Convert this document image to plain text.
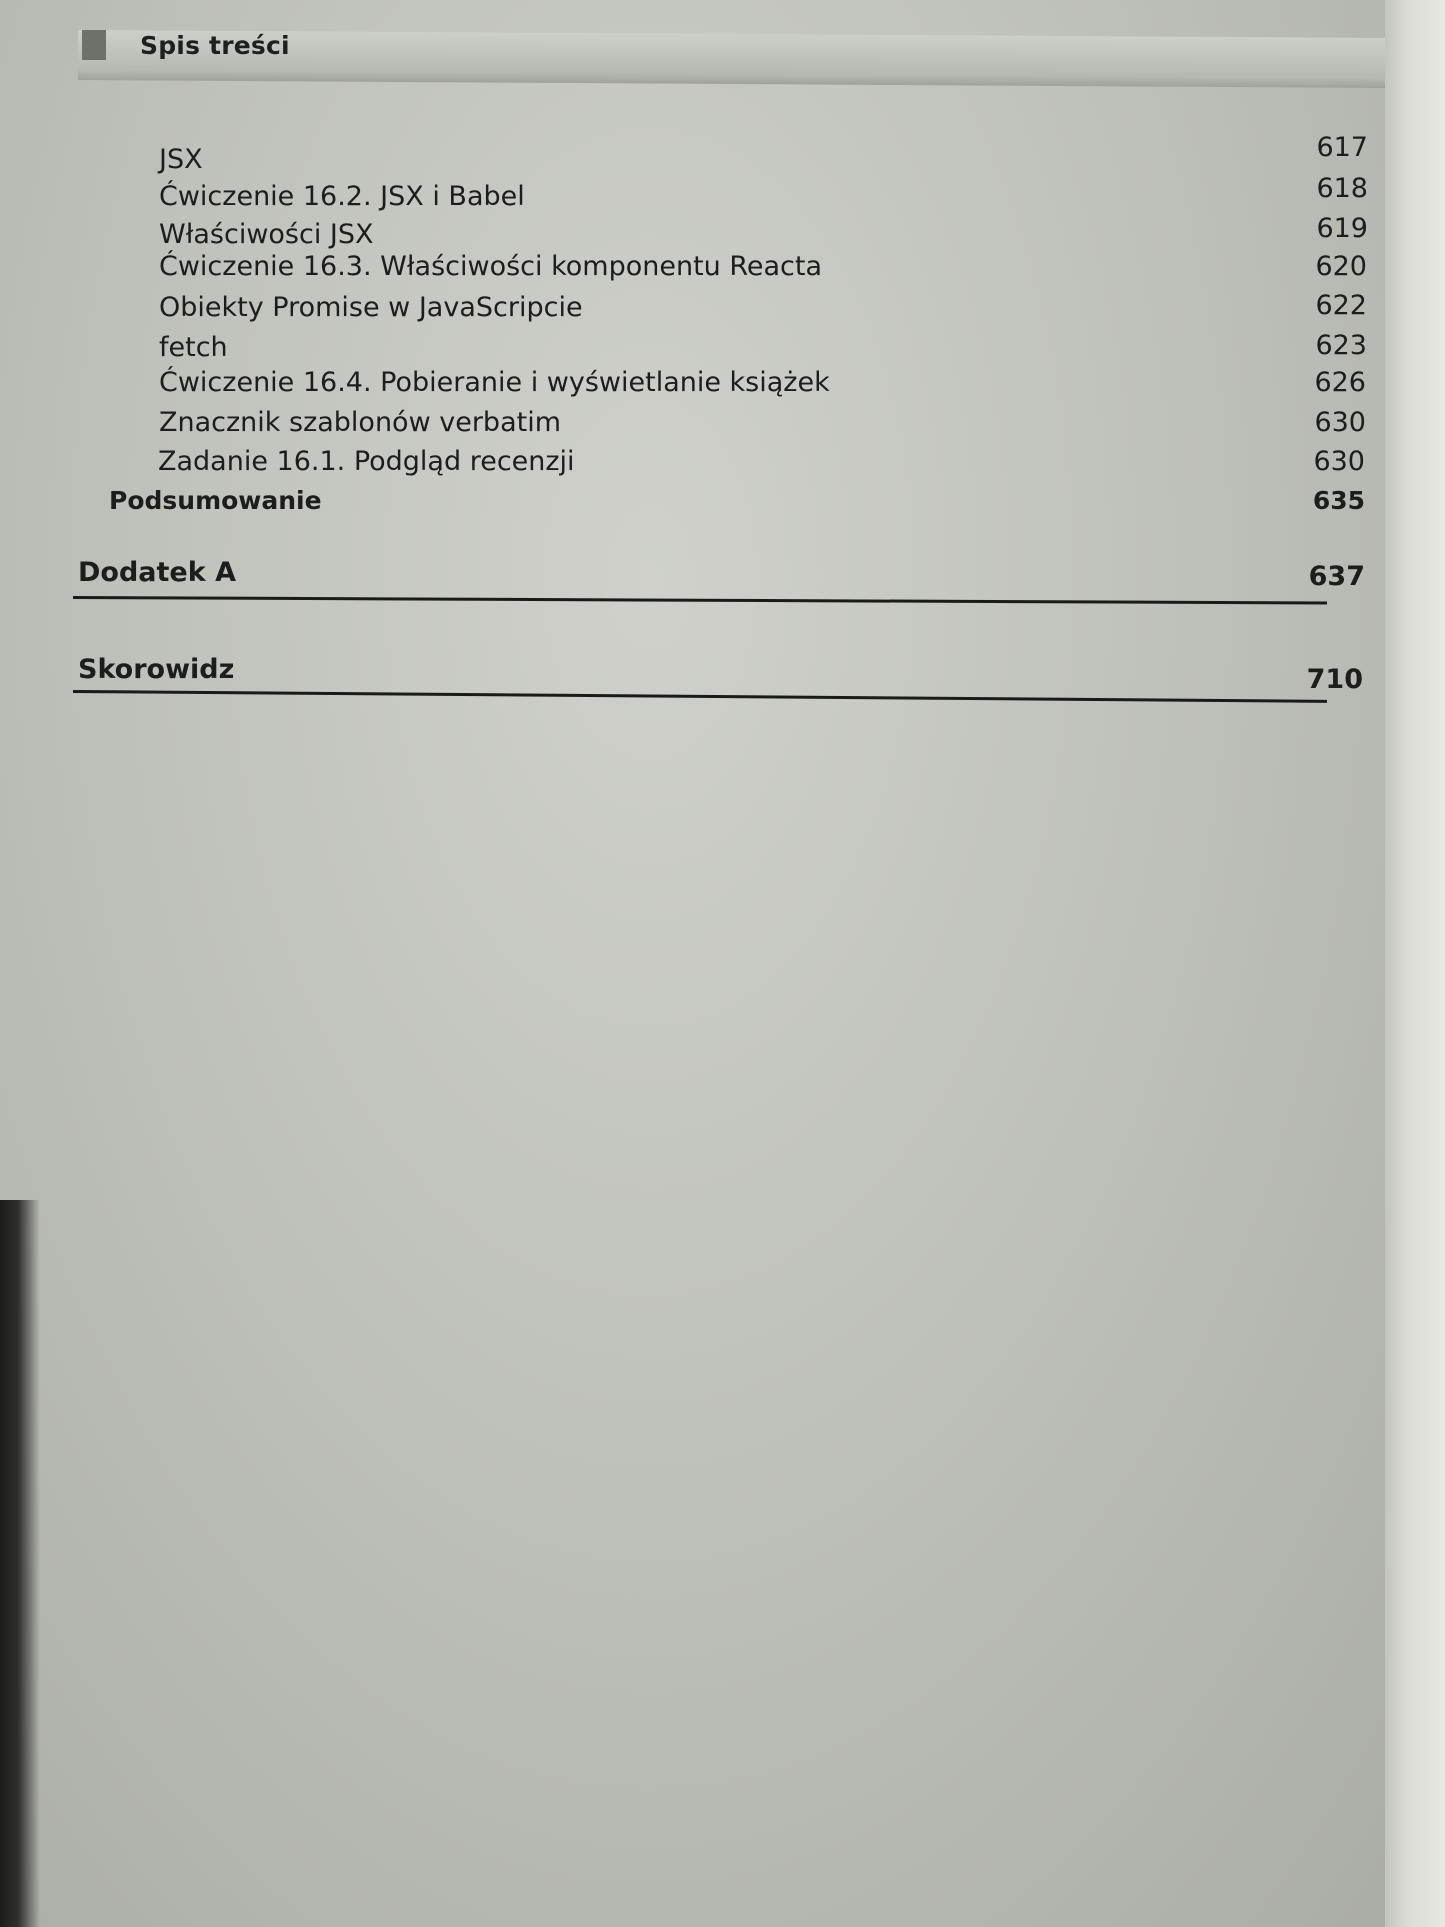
Spis treści
JSX	617
Ćwiczenie 16.2. JSX i Babel	618
Właściwości JSX	619
Ćwiczenie 16.3. Właściwości komponentu Reacta	620
Obiekty Promise w JavaScripcie	622
fetch	623
Ćwiczenie 16.4. Pobieranie i wyświetlanie książek	626
Znacznik szablonów verbatim	630
Zadanie 16.1. Podgląd recenzji	630
Podsumowanie	635
Dodatek A	637
Skorowidz	710
